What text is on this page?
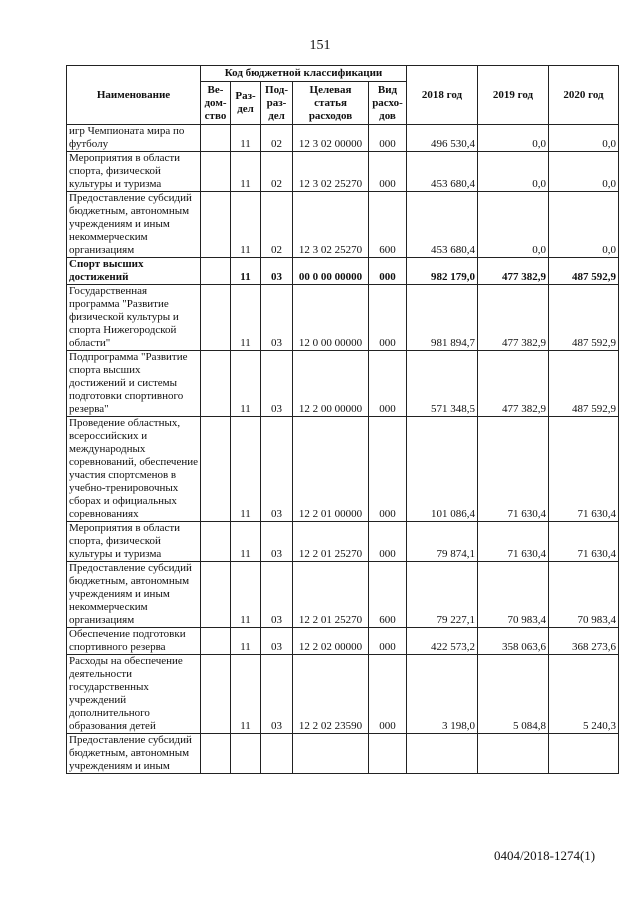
151
Наименование	Код бюджетной классификации					2018 год	2019 год	2020 год
	Ве-дом-ство	Раз-дел	Под-раз-дел	Целевая статья расходов	Вид расхо-дов			
игр Чемпионата мира по футболу		11	02	12 3 02 00000	000	496 530,4	0,0	0,0
Мероприятия в области спорта, физической культуры и туризма		11	02	12 3 02 25270	000	453 680,4	0,0	0,0
Предоставление субсидий бюджетным, автономным учреждениям и иным некоммерческим организациям		11	02	12 3 02 25270	600	453 680,4	0,0	0,0
Спорт высших достижений		11	03	00 0 00 00000	000	982 179,0	477 382,9	487 592,9
Государственная программа "Развитие физической культуры и спорта Нижегородской области"		11	03	12 0 00 00000	000	981 894,7	477 382,9	487 592,9
Подпрограмма "Развитие спорта высших достижений и системы подготовки спортивного резерва"		11	03	12 2 00 00000	000	571 348,5	477 382,9	487 592,9
Проведение областных, всероссийских и международных соревнований, обеспечение участия спортсменов в учебно-тренировочных сборах и официальных соревнованиях		11	03	12 2 01 00000	000	101 086,4	71 630,4	71 630,4
Мероприятия в области спорта, физической культуры и туризма		11	03	12 2 01 25270	000	79 874,1	71 630,4	71 630,4
Предоставление субсидий бюджетным, автономным учреждениям и иным некоммерческим организациям		11	03	12 2 01 25270	600	79 227,1	70 983,4	70 983,4
Обеспечение подготовки спортивного резерва		11	03	12 2 02 00000	000	422 573,2	358 063,6	368 273,6
Расходы на обеспечение деятельности государственных учреждений дополнительного образования детей		11	03	12 2 02 23590	000	3 198,0	5 084,8	5 240,3
Предоставление субсидий бюджетным, автономным учреждениям и иным								
0404/2018-1274(1)
